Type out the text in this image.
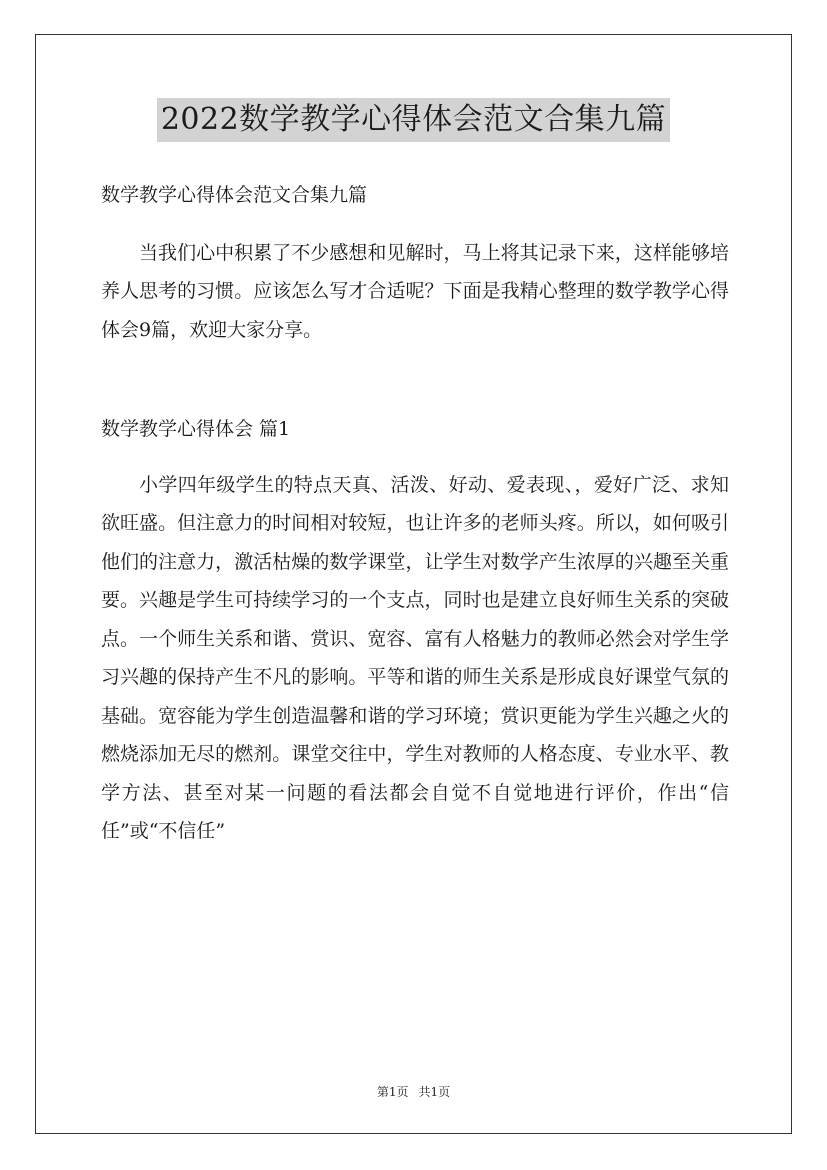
2022数学教学心得体会范文合集九篇

数学教学心得体会范文合集九篇

当我们心中积累了不少感想和见解时，马上将其记录下来，这样能够培养人思考的习惯。应该怎么写才合适呢？下面是我精心整理的数学教学心得体会9篇，欢迎大家分享。

数学教学心得体会 篇1

小学四年级学生的特点天真、活泼、好动、爱表现、，爱好广泛、求知欲旺盛。但注意力的时间相对较短，也让许多的老师头疼。所以，如何吸引他们的注意力，激活枯燥的数学课堂，让学生对数学产生浓厚的兴趣至关重要。兴趣是学生可持续学习的一个支点，同时也是建立良好师生关系的突破点。一个师生关系和谐、赏识、宽容、富有人格魅力的教师必然会对学生学习兴趣的保持产生不凡的影响。平等和谐的师生关系是形成良好课堂气氛的基础。宽容能为学生创造温馨和谐的学习环境；赏识更能为学生兴趣之火的燃烧添加无尽的燃剂。课堂交往中，学生对教师的人格态度、专业水平、教学方法、甚至对某一问题的看法都会自觉不自觉地进行评价，作出“信任”或“不信任”

第1页 共1页
